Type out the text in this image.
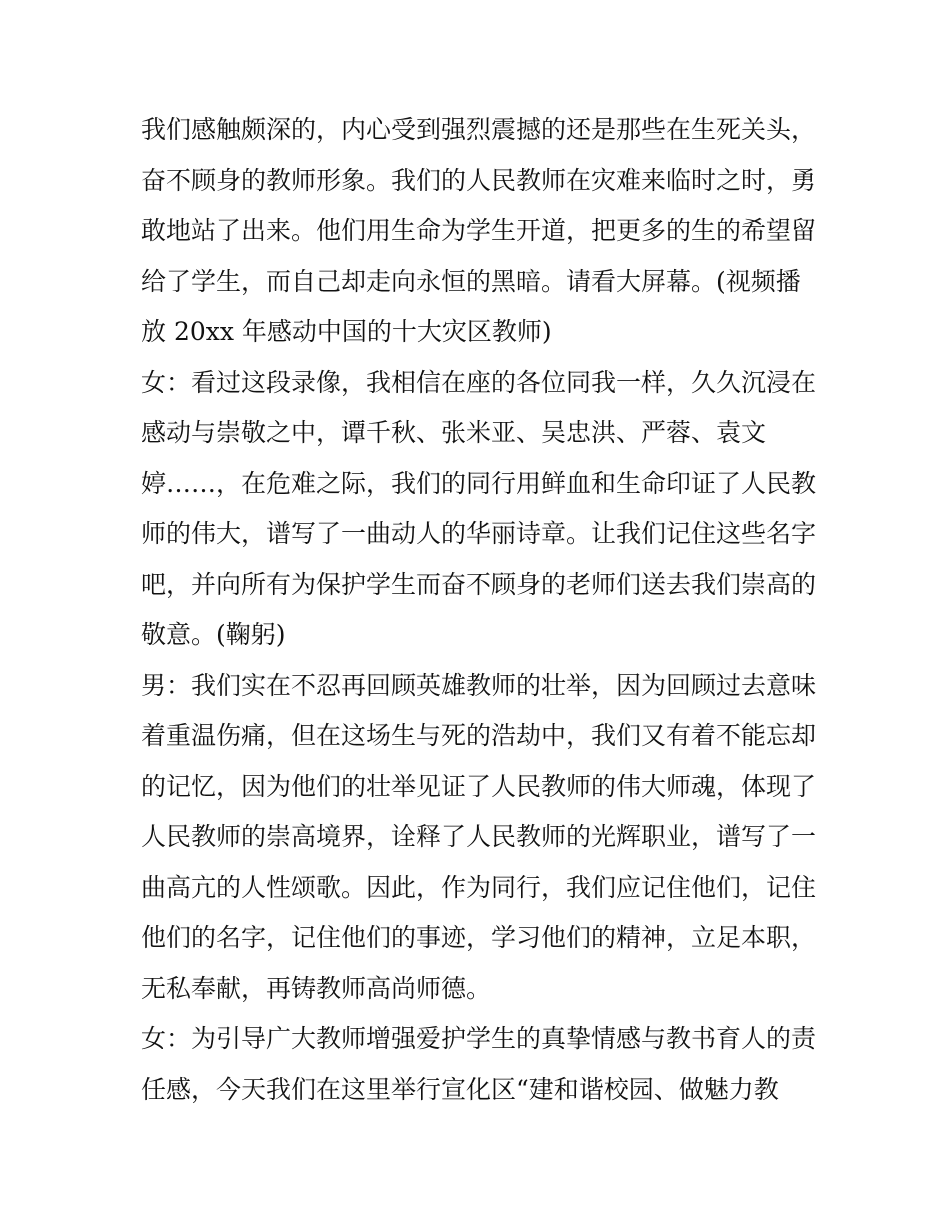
我们感触颇深的，内心受到强烈震撼的还是那些在生死关头，
奋不顾身的教师形象。我们的人民教师在灾难来临时之时，勇
敢地站了出来。他们用生命为学生开道，把更多的生的希望留
给了学生，而自己却走向永恒的黑暗。请看大屏幕。(视频播
放 20xx 年感动中国的十大灾区教师)
女：看过这段录像，我相信在座的各位同我一样，久久沉浸在
感动与崇敬之中，谭千秋、张米亚、吴忠洪、严蓉、袁文
婷……，在危难之际，我们的同行用鲜血和生命印证了人民教
师的伟大，谱写了一曲动人的华丽诗章。让我们记住这些名字
吧，并向所有为保护学生而奋不顾身的老师们送去我们崇高的
敬意。(鞠躬)
男：我们实在不忍再回顾英雄教师的壮举，因为回顾过去意味
着重温伤痛，但在这场生与死的浩劫中，我们又有着不能忘却
的记忆，因为他们的壮举见证了人民教师的伟大师魂，体现了
人民教师的崇高境界，诠释了人民教师的光辉职业，谱写了一
曲高亢的人性颂歌。因此，作为同行，我们应记住他们，记住
他们的名字，记住他们的事迹，学习他们的精神，立足本职，
无私奉献，再铸教师高尚师德。
女：为引导广大教师增强爱护学生的真挚情感与教书育人的责
任感，今天我们在这里举行宣化区“建和谐校园、做魅力教
